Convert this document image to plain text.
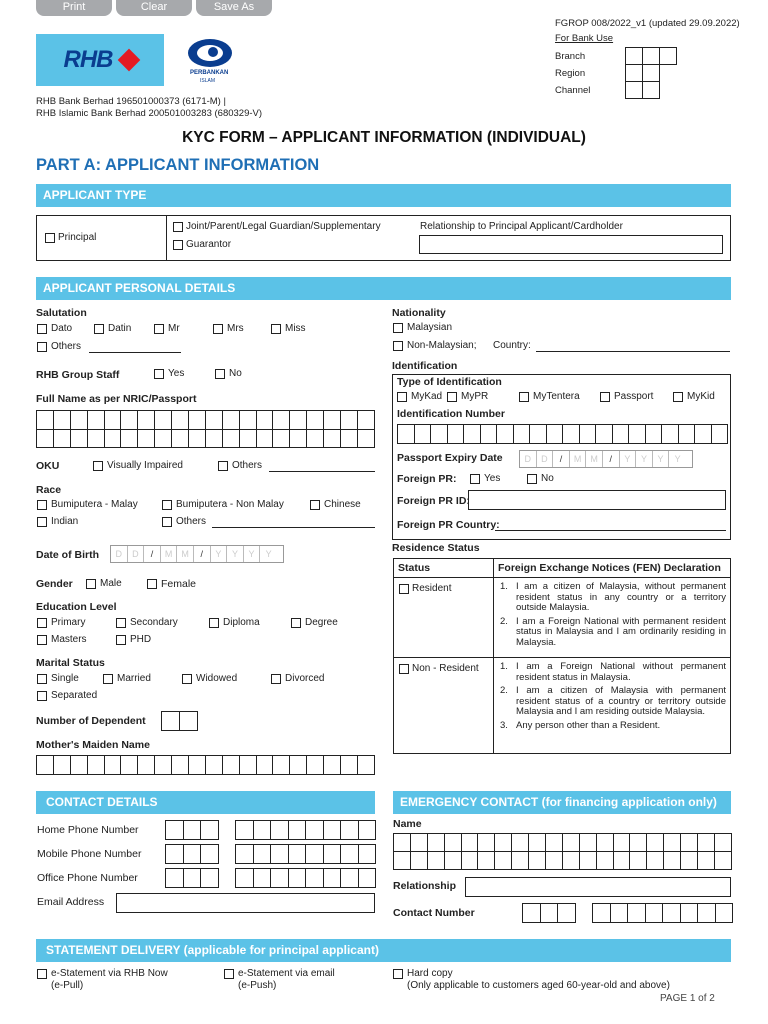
Print	Clear	Save As
RHB	PERBANKAN
ISLAM
FGROP 008/2022_v1 (updated 29.09.2022)
For Bank Use
Branch
Region
Channel
RHB Bank Berhad 196501000373 (6171-M) |
RHB Islamic Bank Berhad 200501003283 (680329-V)
KYC FORM – APPLICANT INFORMATION (INDIVIDUAL)
PART A: APPLICANT INFORMATION
APPLICANT TYPE
Principal
Joint/Parent/Legal Guardian/Supplementary
Guarantor
Relationship to Principal Applicant/Cardholder
APPLICANT PERSONAL DETAILS
Salutation
Dato	Datin	Mr	Mrs	Miss
Others
RHB Group Staff	Yes	No
Full Name as per NRIC/Passport
OKU	Visually Impaired	Others
Race
Bumiputera - Malay	Bumiputera - Non Malay	Chinese
Indian	Others
Date of Birth	D	D	/	M	M	/	Y	Y	Y	Y
Gender	Male	Female
Education Level
Primary	Secondary	Diploma	Degree
Masters	PHD
Marital Status
Single	Married	Widowed	Divorced
Separated
Number of Dependent
Mother's Maiden Name
Nationality
Malaysian
Non-Malaysian; Country:
Identification
Type of Identification
MyKad MyPR	MyTentera	Passport	MyKid
Identification Number
Passport Expiry Date	D	D	/	M	M	/	Y	Y	Y	Y
Foreign PR:	Yes	No
Foreign PR ID:
Foreign PR Country:
Residence Status
Status	Foreign Exchange Notices (FEN) Declaration
Resident	1. I am a citizen of Malaysia, without permanent resident status in any country or a territory outside Malaysia.
2. I am a Foreign National with permanent resident status in Malaysia and I am ordinarily residing in Malaysia.
Non - Resident 1. I am a Foreign National without permanent resident status in Malaysia.
2. I am a citizen of Malaysia with permanent resident status of a country or territory outside Malaysia and I am residing outside Malaysia.
3. Any person other than a Resident.
CONTACT DETAILS
Home Phone Number
Mobile Phone Number
Office Phone Number
Email Address
EMERGENCY CONTACT (for financing application only)
Name
Relationship
Contact Number
STATEMENT DELIVERY (applicable for principal applicant)
e-Statement via RHB Now
(e-Pull)
e-Statement via email
(e-Push)
Hard copy
(Only applicable to customers aged 60-year-old and above)
PAGE 1 of 2
